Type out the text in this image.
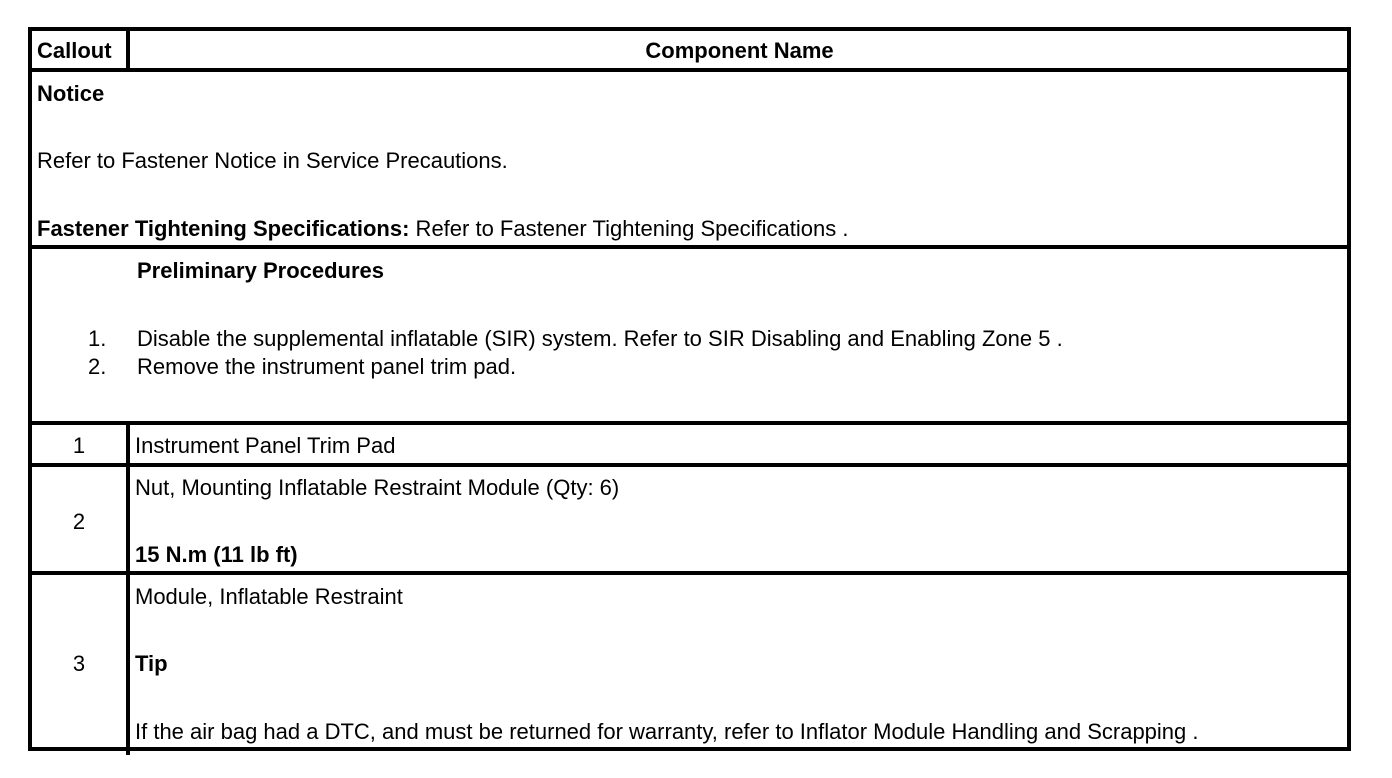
Callout	Component Name
Notice
Refer to Fastener Notice in Service Precautions.
Fastener Tightening Specifications: Refer to Fastener Tightening Specifications .
Preliminary Procedures
1. Disable the supplemental inflatable (SIR) system. Refer to SIR Disabling and Enabling Zone 5 .
2. Remove the instrument panel trim pad.
1	Instrument Panel Trim Pad
2
Nut, Mounting Inflatable Restraint Module (Qty: 6)
15 N.m (11 lb ft)
3
Module, Inflatable Restraint
Tip
If the air bag had a DTC, and must be returned for warranty, refer to Inflator Module Handling and Scrapping .
